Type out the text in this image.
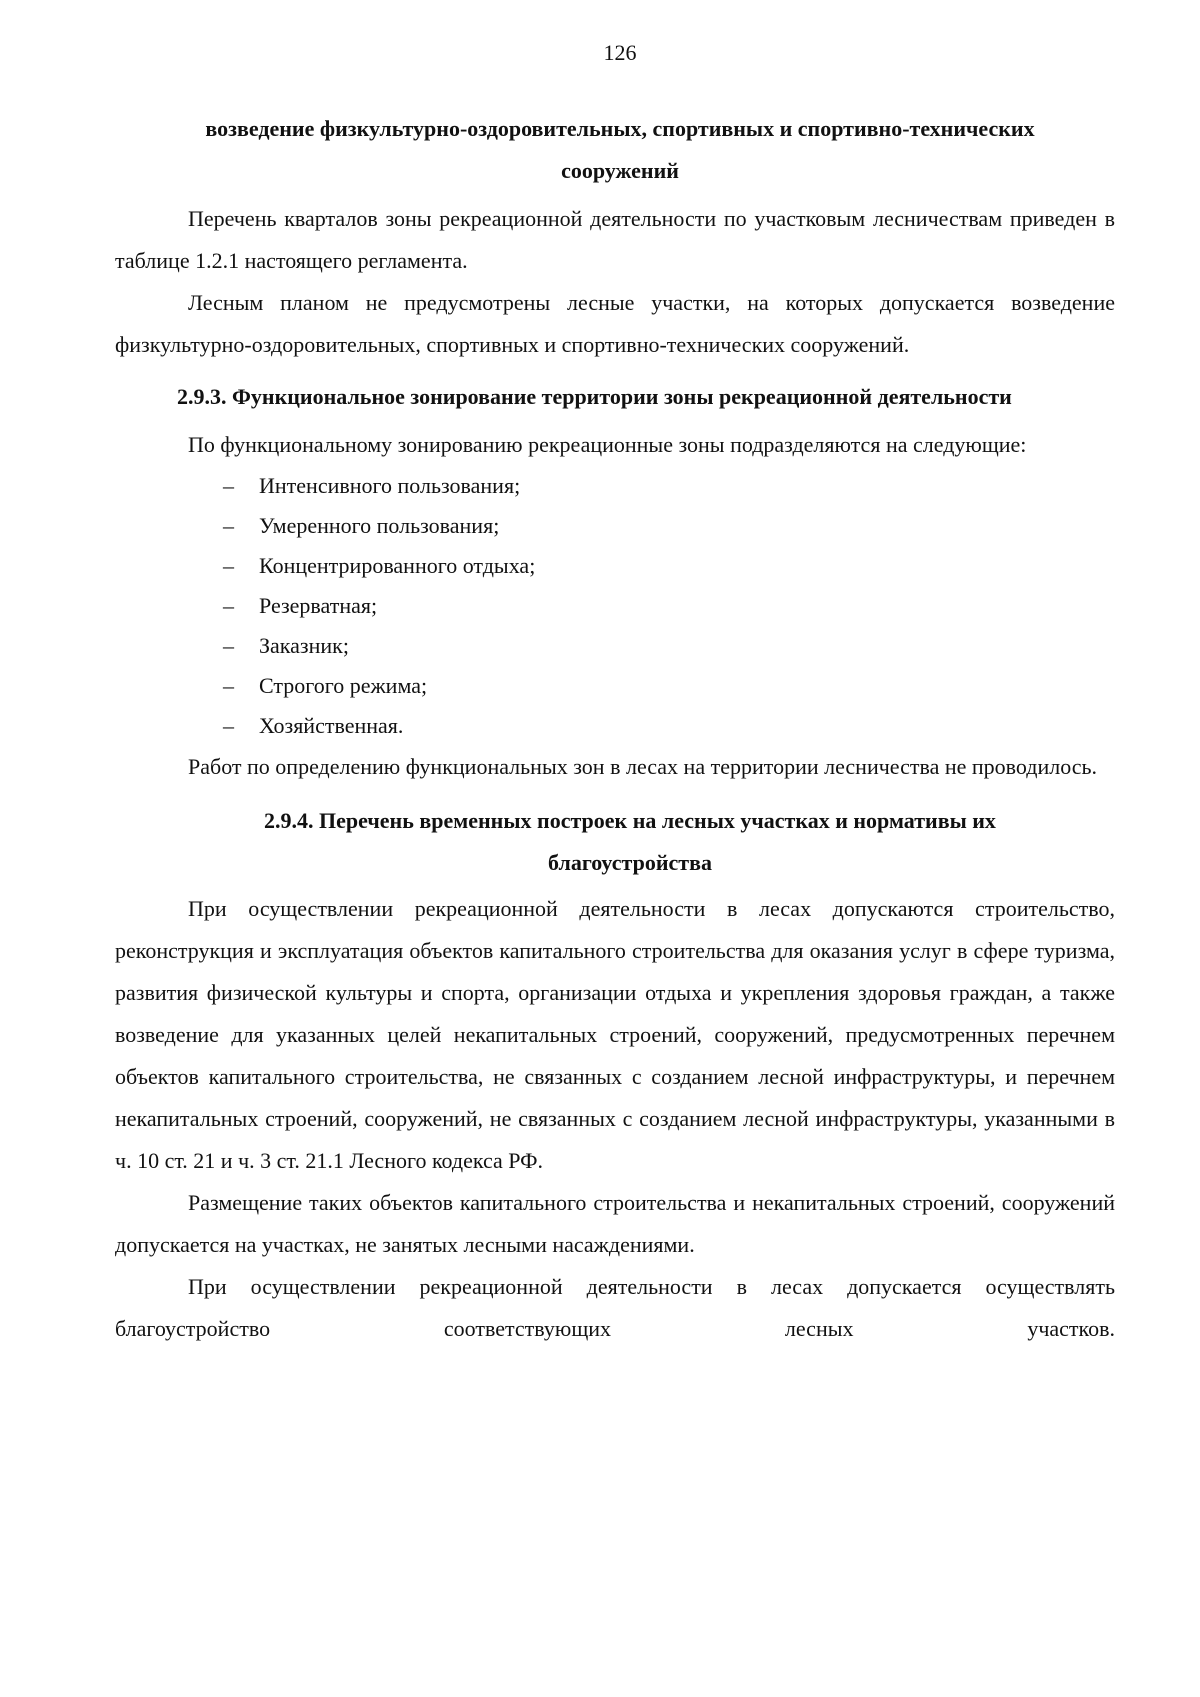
126
возведение физкультурно-оздоровительных, спортивных и спортивно-технических
сооружений

Перечень кварталов зоны рекреационной деятельности по участковым лесничествам приведен в таблице 1.2.1 настоящего регламента.

Лесным планом не предусмотрены лесные участки, на которых допускается возведение физкультурно-оздоровительных, спортивных и спортивно-технических сооружений.

2.9.3. Функциональное зонирование территории зоны рекреационной деятельности

По функциональному зонированию рекреационные зоны подразделяются на следующие:

– Интенсивного пользования;
– Умеренного пользования;
– Концентрированного отдыха;
– Резерватная;
– Заказник;
– Строгого режима;
– Хозяйственная.

Работ по определению функциональных зон в лесах на территории лесничества не проводилось.

2.9.4. Перечень временных построек на лесных участках и нормативы их
благоустройства

При осуществлении рекреационной деятельности в лесах допускаются строительство, реконструкция и эксплуатация объектов капитального строительства для оказания услуг в сфере туризма, развития физической культуры и спорта, организации отдыха и укрепления здоровья граждан, а также возведение для указанных целей некапитальных строений, сооружений, предусмотренных перечнем объектов капитального строительства, не связанных с созданием лесной инфраструктуры, и перечнем некапитальных строений, сооружений, не связанных с созданием лесной инфраструктуры, указанными в ч. 10 ст. 21 и ч. 3 ст. 21.1 Лесного кодекса РФ.

Размещение таких объектов капитального строительства и некапитальных строений, сооружений допускается на участках, не занятых лесными насаждениями.

При осуществлении рекреационной деятельности в лесах допускается осуществлять благоустройство соответствующих лесных участков.
